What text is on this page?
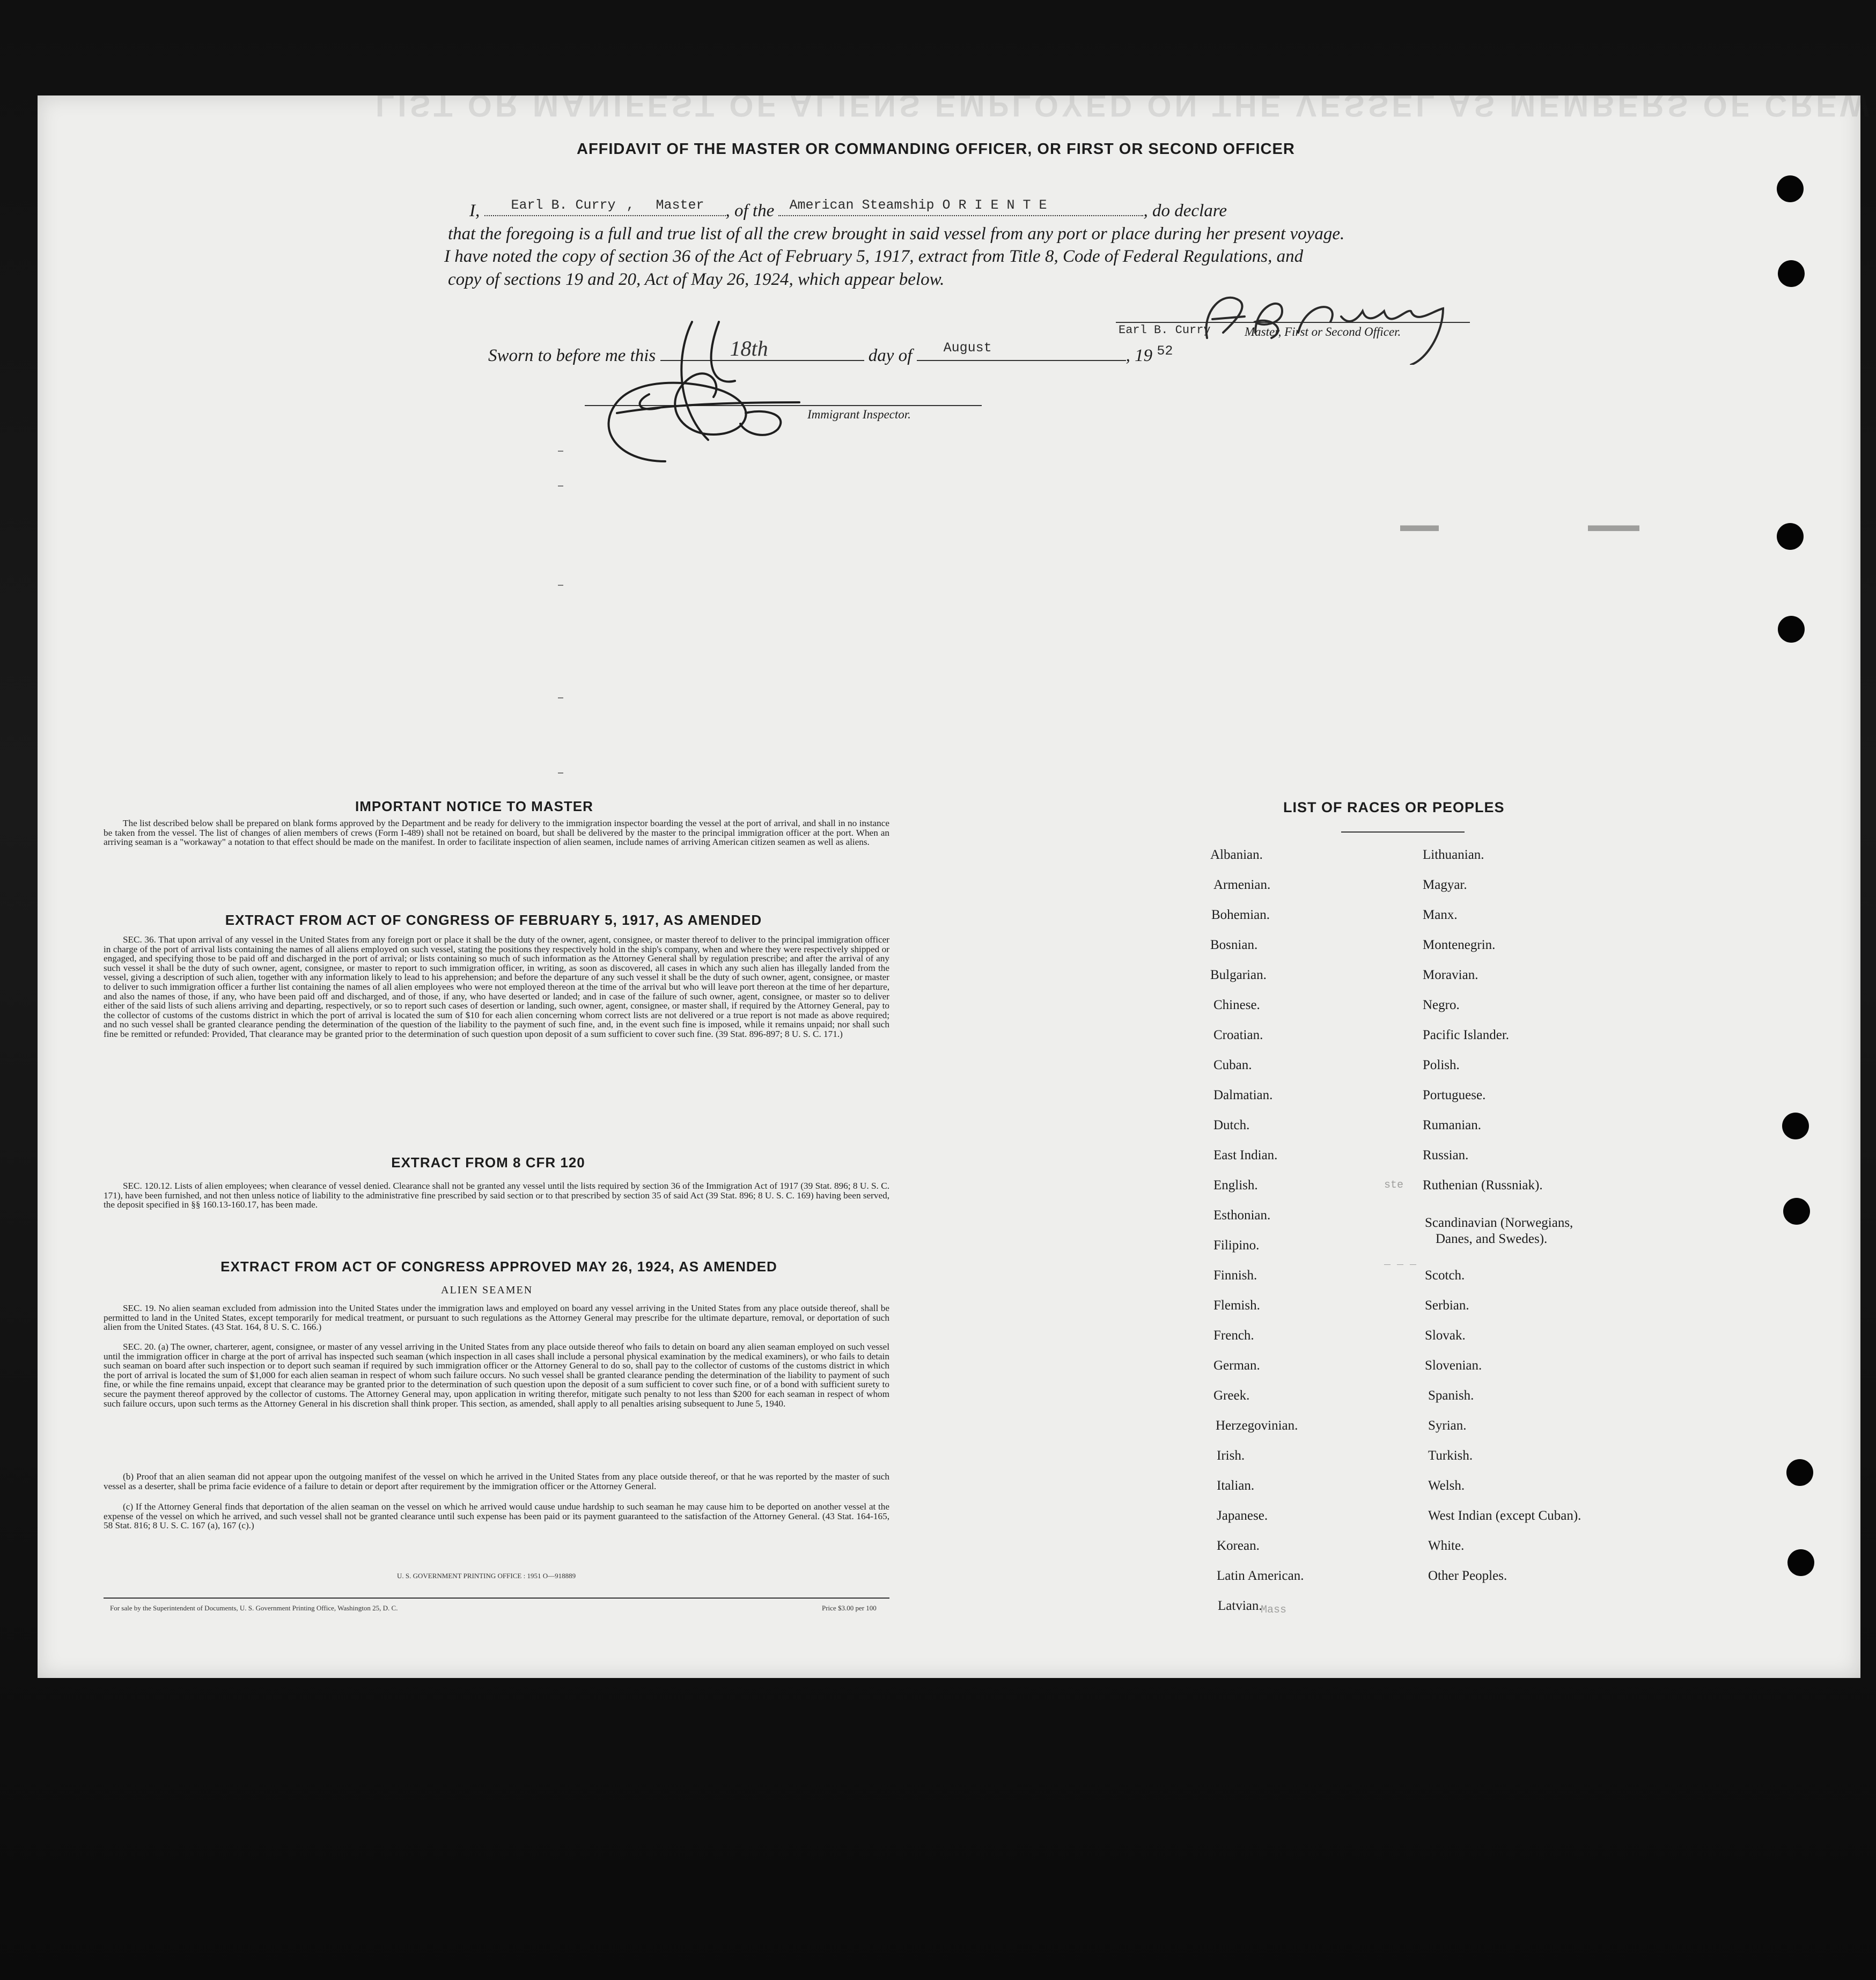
LIST OR MANIFEST OF ALIENS EMPLOYED ON THE VESSEL AS MEMBERS OF CREW
AFFIDAVIT OF THE MASTER OR COMMANDING OFFICER, OR FIRST OR SECOND OFFICER
I, Earl B. Curry , Master , of the American Steamship O R I E N T E	, do declare
that the foregoing is a full and true list of all the crew brought in said vessel from any port or place during her present voyage.
I have noted the copy of section 36 of the Act of February 5, 1917, extract from Title 8, Code of Federal Regulations, and
copy of sections 19 and 20, Act of May 26, 1924, which appear below.
Sworn to before me this	18th	day of August	, 19 $^{52}$
Earl B. Curry	Master, First or Second Officer.
Immigrant Inspector.
▀▀▀▀▀▀	▀▀▀▀▀▀▀▀
IMPORTANT NOTICE TO MASTER
The list described below shall be prepared on blank forms approved by the Department and be ready for delivery to the immigration inspector boarding the vessel at the port of arrival, and shall in no instance be taken from the vessel. The list of changes of alien members of crews (Form I-489) shall not be retained on board, but shall be delivered by the master to the principal immigration officer at the port. When an arriving seaman is a "workaway" a notation to that effect should be made on the manifest. In order to facilitate inspection of alien seamen, include names of arriving American citizen seamen as well as aliens.
EXTRACT FROM ACT OF CONGRESS OF FEBRUARY 5, 1917, AS AMENDED
SEC. 36. That upon arrival of any vessel in the United States from any foreign port or place it shall be the duty of the owner, agent, consignee, or master thereof to deliver to the principal immigration officer in charge of the port of arrival lists containing the names of all aliens employed on such vessel, stating the positions they respectively hold in the ship's company, when and where they were respectively shipped or engaged, and specifying those to be paid off and discharged in the port of arrival; or lists containing so much of such information as the Attorney General shall by regulation prescribe; and after the arrival of any such vessel it shall be the duty of such owner, agent, consignee, or master to report to such immigration officer, in writing, as soon as discovered, all cases in which any such alien has illegally landed from the vessel, giving a description of such alien, together with any information likely to lead to his apprehension; and before the departure of any such vessel it shall be the duty of such owner, agent, consignee, or master to deliver to such immigration officer a further list containing the names of all alien employees who were not employed thereon at the time of the arrival but who will leave port thereon at the time of her departure, and also the names of those, if any, who have been paid off and discharged, and of those, if any, who have deserted or landed; and in case of the failure of such owner, agent, consignee, or master so to deliver either of the said lists of such aliens arriving and departing, respectively, or so to report such cases of desertion or landing, such owner, agent, consignee, or master shall, if required by the Attorney General, pay to the collector of customs of the customs district in which the port of arrival is located the sum of $10 for each alien concerning whom correct lists are not delivered or a true report is not made as above required; and no such vessel shall be granted clearance pending the determination of the question of the liability to the payment of such fine, and, in the event such fine is imposed, while it remains unpaid; nor shall such fine be remitted or refunded: Provided, That clearance may be granted prior to the determination of such question upon deposit of a sum sufficient to cover such fine. (39 Stat. 896-897; 8 U. S. C. 171.)
EXTRACT FROM 8 CFR 120
SEC. 120.12. Lists of alien employees; when clearance of vessel denied. Clearance shall not be granted any vessel until the lists required by section 36 of the Immigration Act of 1917 (39 Stat. 896; 8 U. S. C. 171), have been furnished, and not then unless notice of liability to the administrative fine prescribed by said section or to that prescribed by section 35 of said Act (39 Stat. 896; 8 U. S. C. 169) having been served, the deposit specified in §§ 160.13-160.17, has been made.
EXTRACT FROM ACT OF CONGRESS APPROVED MAY 26, 1924, AS AMENDED
ALIEN SEAMEN
SEC. 19. No alien seaman excluded from admission into the United States under the immigration laws and employed on board any vessel arriving in the United States from any place outside thereof, shall be permitted to land in the United States, except temporarily for medical treatment, or pursuant to such regulations as the Attorney General may prescribe for the ultimate departure, removal, or deportation of such alien from the United States. (43 Stat. 164, 8 U. S. C. 166.)
SEC. 20. (a) The owner, charterer, agent, consignee, or master of any vessel arriving in the United States from any place outside thereof who fails to detain on board any alien seaman employed on such vessel until the immigration officer in charge at the port of arrival has inspected such seaman (which inspection in all cases shall include a personal physical examination by the medical examiners), or who fails to detain such seaman on board after such inspection or to deport such seaman if required by such immigration officer or the Attorney General to do so, shall pay to the collector of customs of the customs district in which the port of arrival is located the sum of $1,000 for each alien seaman in respect of whom such failure occurs. No such vessel shall be granted clearance pending the determination of the liability to payment of such fine, or while the fine remains unpaid, except that clearance may be granted prior to the determination of such question upon the deposit of a sum sufficient to cover such fine, or of a bond with sufficient surety to secure the payment thereof approved by the collector of customs. The Attorney General may, upon application in writing therefor, mitigate such penalty to not less than $200 for each seaman in respect of whom such failure occurs, upon such terms as the Attorney General in his discretion shall think proper. This section, as amended, shall apply to all penalties arising subsequent to June 5, 1940.
(b) Proof that an alien seaman did not appear upon the outgoing manifest of the vessel on which he arrived in the United States from any place outside thereof, or that he was reported by the master of such vessel as a deserter, shall be prima facie evidence of a failure to detain or deport after requirement by the immigration officer or the Attorney General.
(c) If the Attorney General finds that deportation of the alien seaman on the vessel on which he arrived would cause undue hardship to such seaman he may cause him to be deported on another vessel at the expense of the vessel on which he arrived, and such vessel shall not be granted clearance until such expense has been paid or its payment guaranteed to the satisfaction of the Attorney General. (43 Stat. 164-165, 58 Stat. 816; 8 U. S. C. 167 (a), 167 (c).)
U. S. GOVERNMENT PRINTING OFFICE : 1951 O—918889
For sale by the Superintendent of Documents, U. S. Government Printing Office, Washington 25, D. C.	Price $3.00 per 100
LIST OF RACES OR PEOPLES
Albanian.
Armenian.
Bohemian.
Bosnian.
Bulgarian.
Chinese.
Croatian.
Cuban.
Dalmatian.
Dutch.
East Indian.
English.
Esthonian.
Filipino.
Finnish.
Flemish.
French.
German.
Greek.
Herzegovinian.
Irish.
Italian.
Japanese.
Korean.
Latin American.
Latvian.
Lithuanian.
Magyar.
Manx.
Montenegrin.
Moravian.
Negro.
Pacific Islander.
Polish.
Portuguese.
Rumanian.
Russian.
Ruthenian (Russniak).
Scandinavian (Norwegians,
Danes, and Swedes).
Scotch.
Serbian.
Slovak.
Slovenian.
Spanish.
Syrian.
Turkish.
Welsh.
West Indian (except Cuban).
White.
Other Peoples.
ste
_ _ _
Mass
